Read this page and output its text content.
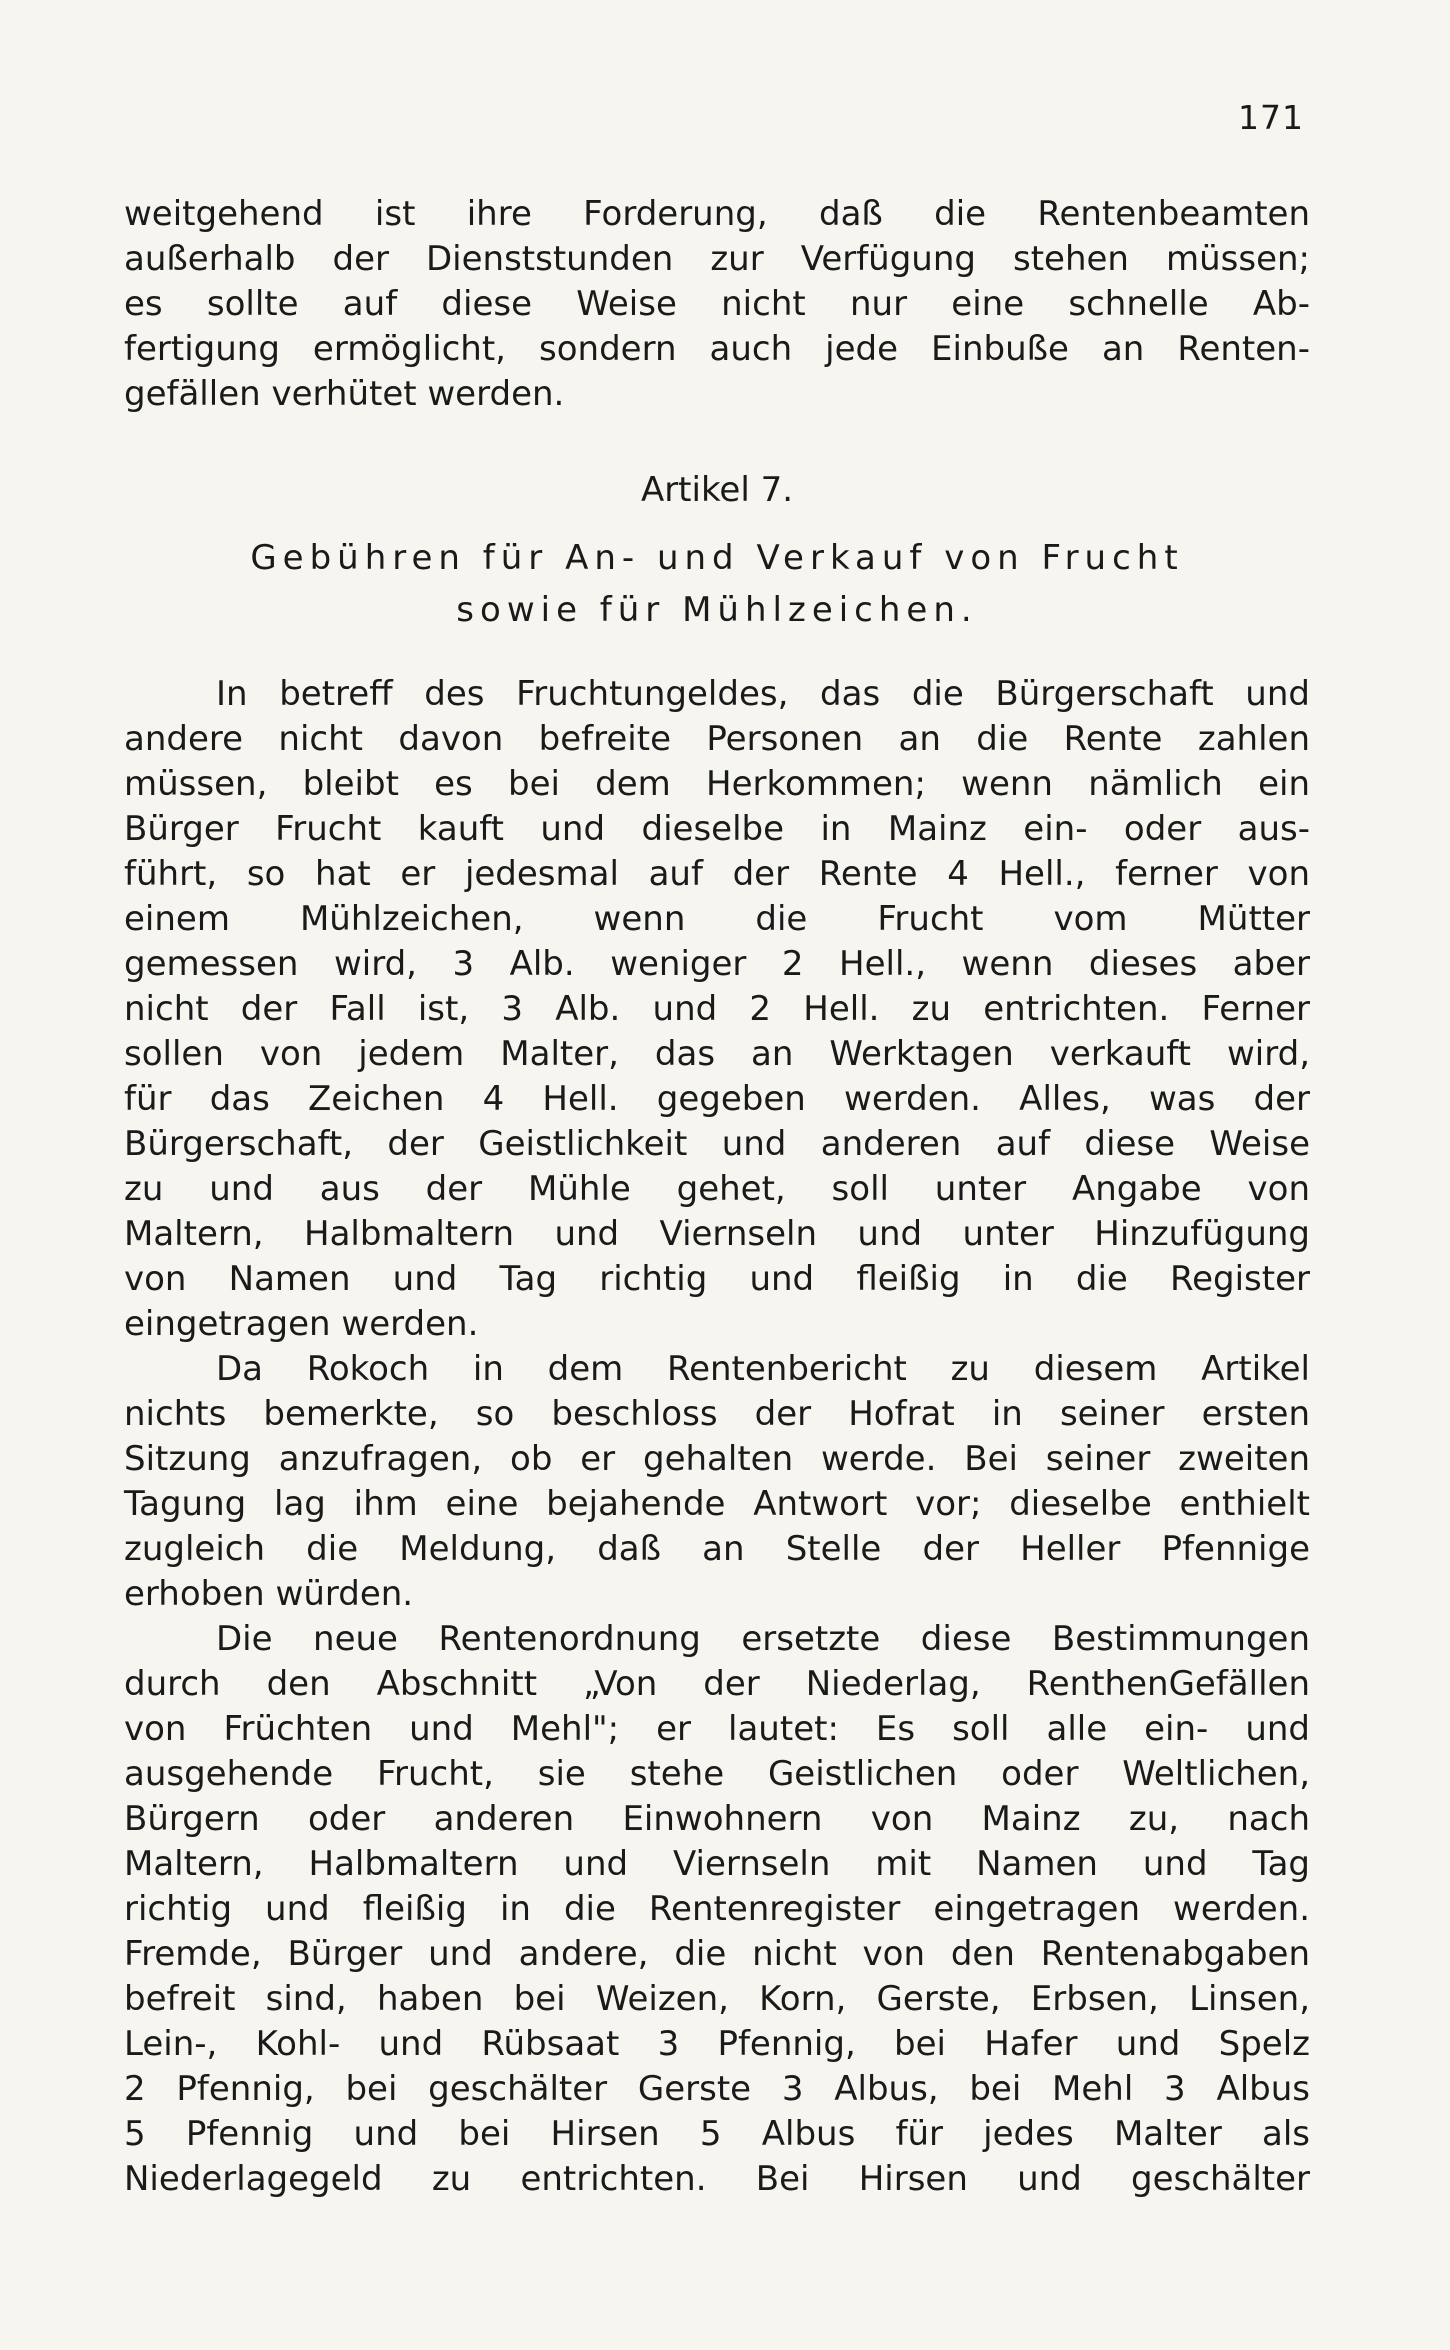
171
weitgehend ist ihre Forderung, daß die Rentenbeamten
außerhalb der Dienststunden zur Verfügung stehen müssen;
es sollte auf diese Weise nicht nur eine schnelle Ab-
fertigung ermöglicht, sondern auch jede Einbuße an Renten-
gefällen verhütet werden.
Artikel 7.
Gebühren für An- und Verkauf von Frucht
sowie für Mühlzeichen.
In betreff des Fruchtungeldes, das die Bürgerschaft und
andere nicht davon befreite Personen an die Rente zahlen
müssen, bleibt es bei dem Herkommen; wenn nämlich ein
Bürger Frucht kauft und dieselbe in Mainz ein- oder aus-
führt, so hat er jedesmal auf der Rente 4 Hell., ferner von
einem Mühlzeichen, wenn die Frucht vom Mütter
gemessen wird, 3 Alb. weniger 2 Hell., wenn dieses aber
nicht der Fall ist, 3 Alb. und 2 Hell. zu entrichten. Ferner
sollen von jedem Malter, das an Werktagen verkauft wird,
für das Zeichen 4 Hell. gegeben werden. Alles, was der
Bürgerschaft, der Geistlichkeit und anderen auf diese Weise
zu und aus der Mühle gehet, soll unter Angabe von
Maltern, Halbmaltern und Viernseln und unter Hinzufügung
von Namen und Tag richtig und fleißig in die Register
eingetragen werden.
Da Rokoch in dem Rentenbericht zu diesem Artikel
nichts bemerkte, so beschloss der Hofrat in seiner ersten
Sitzung anzufragen, ob er gehalten werde. Bei seiner zweiten
Tagung lag ihm eine bejahende Antwort vor; dieselbe enthielt
zugleich die Meldung, daß an Stelle der Heller Pfennige
erhoben würden.
Die neue Rentenordnung ersetzte diese Bestimmungen
durch den Abschnitt „Von der Niederlag, RenthenGefällen
von Früchten und Mehl"; er lautet: Es soll alle ein- und
ausgehende Frucht, sie stehe Geistlichen oder Weltlichen,
Bürgern oder anderen Einwohnern von Mainz zu, nach
Maltern, Halbmaltern und Viernseln mit Namen und Tag
richtig und fleißig in die Rentenregister eingetragen werden.
Fremde, Bürger und andere, die nicht von den Rentenabgaben
befreit sind, haben bei Weizen, Korn, Gerste, Erbsen, Linsen,
Lein-, Kohl- und Rübsaat 3 Pfennig, bei Hafer und Spelz
2 Pfennig, bei geschälter Gerste 3 Albus, bei Mehl 3 Albus
5 Pfennig und bei Hirsen 5 Albus für jedes Malter als
Niederlagegeld zu entrichten. Bei Hirsen und geschälter
